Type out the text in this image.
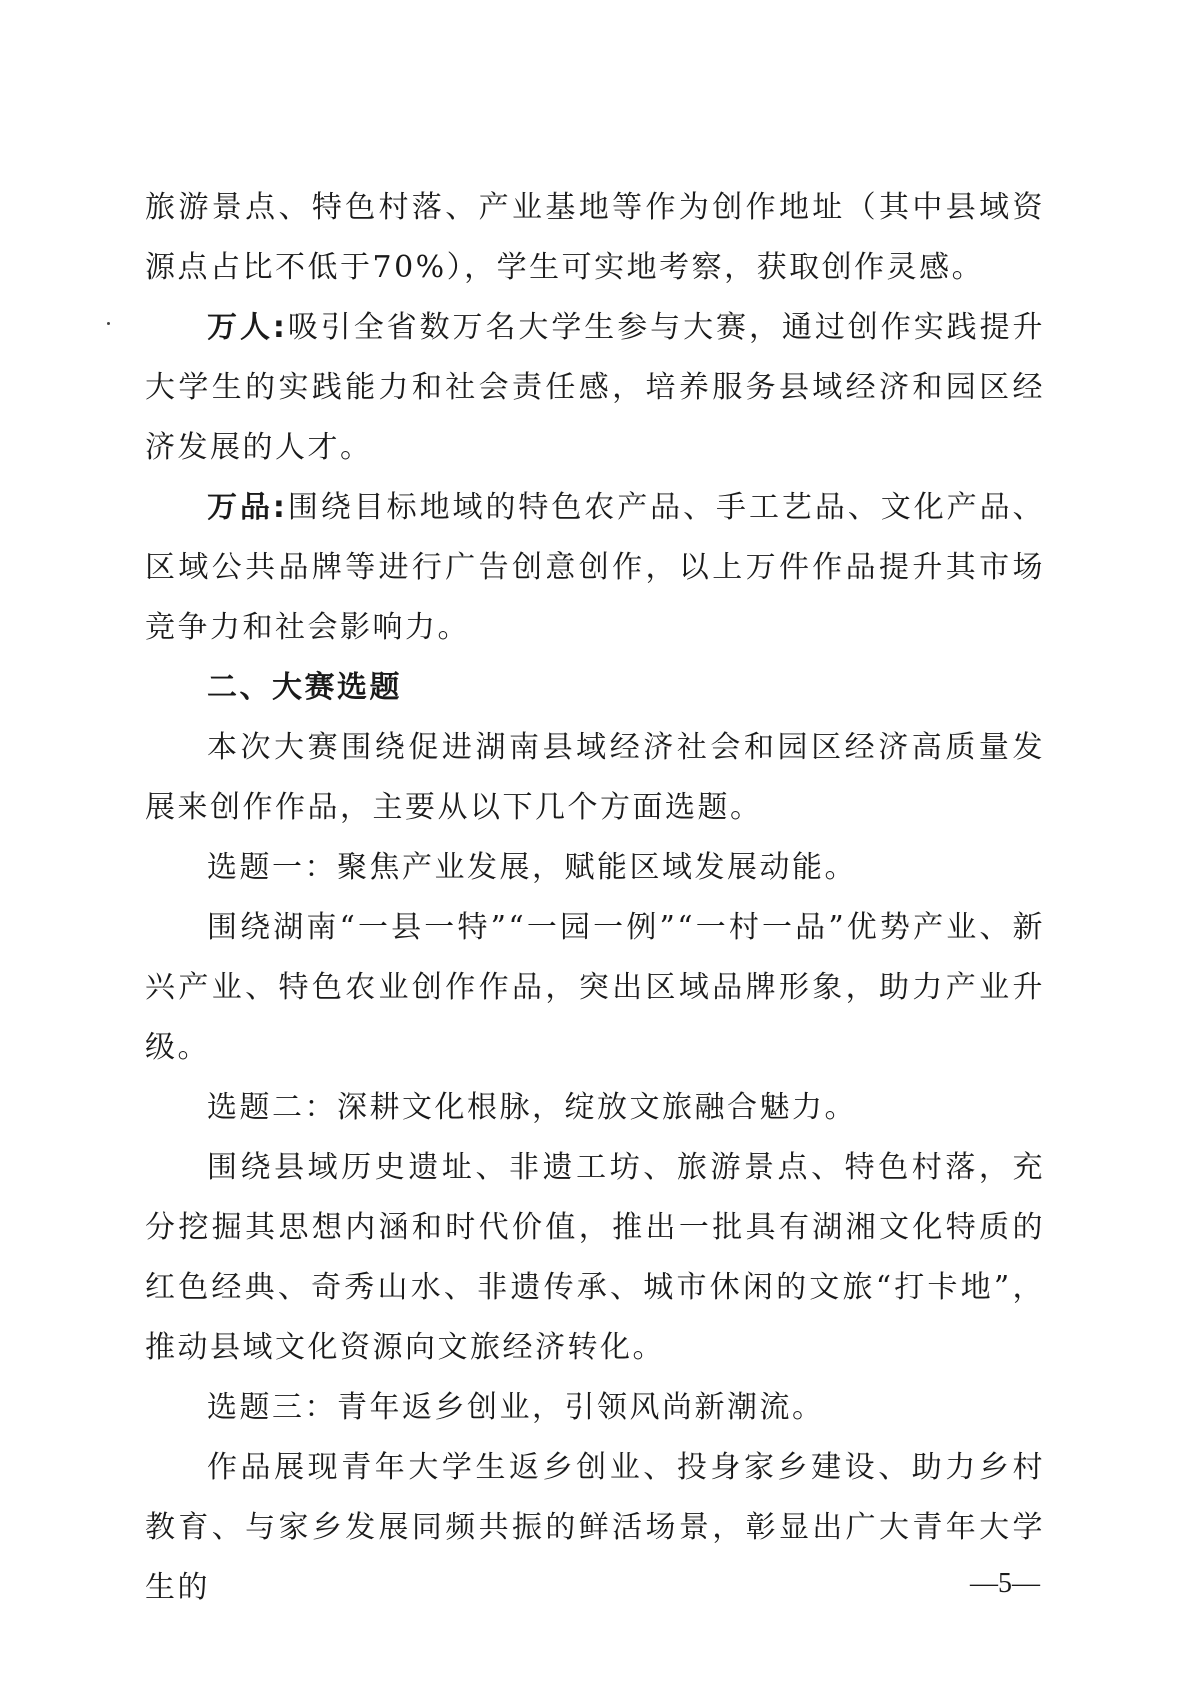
旅游景点、特色村落、产业基地等作为创作地址（其中县域资源点占比不低于70%），学生可实地考察，获取创作灵感。

万人:吸引全省数万名大学生参与大赛，通过创作实践提升大学生的实践能力和社会责任感，培养服务县域经济和园区经济发展的人才。

万品:围绕目标地域的特色农产品、手工艺品、文化产品、区域公共品牌等进行广告创意创作，以上万件作品提升其市场竞争力和社会影响力。

二、大赛选题

本次大赛围绕促进湖南县域经济社会和园区经济高质量发展来创作作品，主要从以下几个方面选题。

选题一：聚焦产业发展，赋能区域发展动能。

围绕湖南“一县一特”“一园一例”“一村一品”优势产业、新兴产业、特色农业创作作品，突出区域品牌形象，助力产业升级。

选题二：深耕文化根脉，绽放文旅融合魅力。

围绕县域历史遗址、非遗工坊、旅游景点、特色村落，充分挖掘其思想内涵和时代价值，推出一批具有湖湘文化特质的红色经典、奇秀山水、非遗传承、城市休闲的文旅“打卡地”，推动县域文化资源向文旅经济转化。

选题三：青年返乡创业，引领风尚新潮流。

作品展现青年大学生返乡创业、投身家乡建设、助力乡村教育、与家乡发展同频共振的鲜活场景，彰显出广大青年大学生的	—5—
